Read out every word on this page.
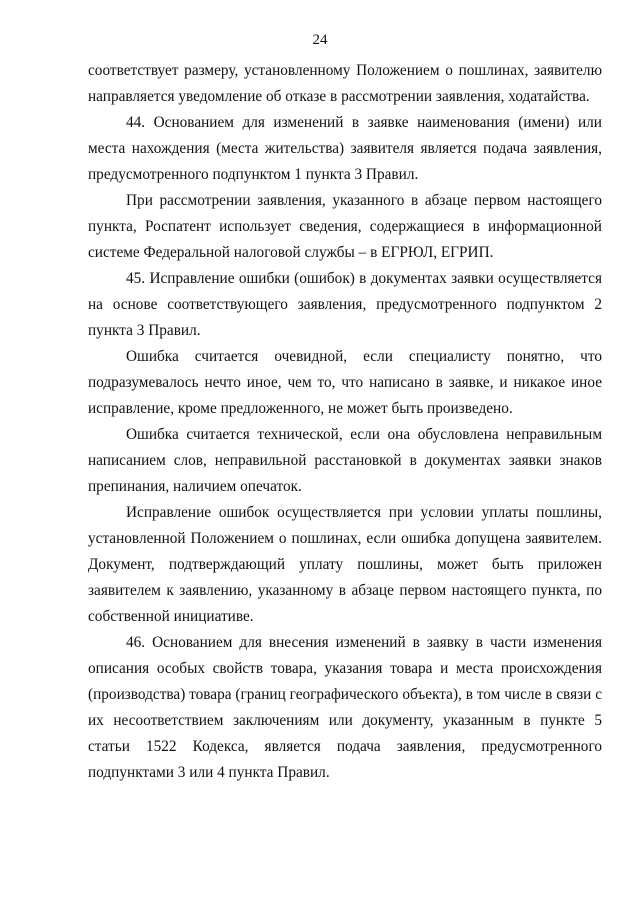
24

соответствует размеру, установленному Положением о пошлинах, заявителю направляется уведомление об отказе в рассмотрении заявления, ходатайства.

44. Основанием для изменений в заявке наименования (имени) или места нахождения (места жительства) заявителя является подача заявления, предусмотренного подпунктом 1 пункта 3 Правил.

При рассмотрении заявления, указанного в абзаце первом настоящего пункта, Роспатент использует сведения, содержащиеся в информационной системе Федеральной налоговой службы – в ЕГРЮЛ, ЕГРИП.

45. Исправление ошибки (ошибок) в документах заявки осуществляется на основе соответствующего заявления, предусмотренного подпунктом 2 пункта 3 Правил.

Ошибка считается очевидной, если специалисту понятно, что подразумевалось нечто иное, чем то, что написано в заявке, и никакое иное исправление, кроме предложенного, не может быть произведено.

Ошибка считается технической, если она обусловлена неправильным написанием слов, неправильной расстановкой в документах заявки знаков препинания, наличием опечаток.

Исправление ошибок осуществляется при условии уплаты пошлины, установленной Положением о пошлинах, если ошибка допущена заявителем. Документ, подтверждающий уплату пошлины, может быть приложен заявителем к заявлению, указанному в абзаце первом настоящего пункта, по собственной инициативе.

46. Основанием для внесения изменений в заявку в части изменения описания особых свойств товара, указания товара и места происхождения (производства) товара (границ географического объекта), в том числе в связи с их несоответствием заключениям или документу, указанным в пункте 5 статьи 1522 Кодекса, является подача заявления, предусмотренного подпунктами 3 или 4 пункта Правил.
